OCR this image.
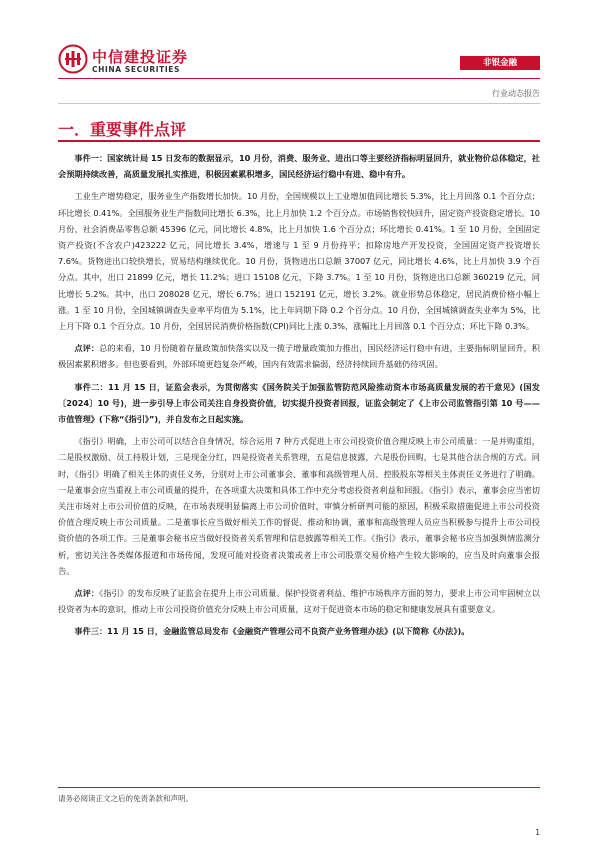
中信建投证券
CHINA SECURITIES
非银金融
行业动态报告
一．重要事件点评

事件一：国家统计局 15 日发布的数据显示，10 月份，消费、服务业、进出口等主要经济指标明显回升，就业物价总体稳定，社会预期持续改善，高质量发展扎实推进，积极因素累积增多，国民经济运行稳中有进、稳中有升。

工业生产增势稳定，服务业生产指数增长加快。10 月份，全国规模以上工业增加值同比增长 5.3%，比上月回落 0.1 个百分点；环比增长 0.41%。全国服务业生产指数同比增长 6.3%，比上月加快 1.2 个百分点。市场销售较快回升，固定资产投资稳定增长。10 月份，社会消费品零售总额 45396 亿元，同比增长 4.8%，比上月加快 1.6 个百分点；环比增长 0.41%。1 至 10 月份，全国固定资产投资(不含农户)423222 亿元，同比增长 3.4%，增速与 1 至 9 月份持平；扣除房地产开发投资，全国固定资产投资增长 7.6%。货物进出口较快增长，贸易结构继续优化。10 月份，货物进出口总额 37007 亿元，同比增长 4.6%，比上月加快 3.9 个百分点。其中，出口 21899 亿元，增长 11.2%；进口 15108 亿元，下降 3.7%。1 至 10 月份，货物进出口总额 360219 亿元，同比增长 5.2%。其中，出口 208028 亿元，增长 6.7%；进口 152191 亿元，增长 3.2%。就业形势总体稳定，居民消费价格小幅上涨。1 至 10 月份，全国城镇调查失业率平均值为 5.1%，比上年同期下降 0.2 个百分点。10 月份，全国城镇调查失业率为 5%，比上月下降 0.1 个百分点。10 月份，全国居民消费价格指数(CPI)同比上涨 0.3%，涨幅比上月回落 0.1 个百分点；环比下降 0.3%。

点评：总的来看，10 月份随着存量政策加快落实以及一揽子增量政策加力推出，国民经济运行稳中有进，主要指标明显回升，积极因素累积增多。但也要看到，外部环境更趋复杂严峻，国内有效需求偏弱，经济持续回升基础仍待巩固。

事件二：11 月 15 日，证监会表示，为贯彻落实《国务院关于加强监管防范风险推动资本市场高质量发展的若干意见》(国发〔2024〕10 号)，进一步引导上市公司关注自身投资价值，切实提升投资者回报，证监会制定了《上市公司监管指引第 10 号——市值管理》(下称“《指引》”)，并自发布之日起实施。

《指引》明确，上市公司可以结合自身情况，综合运用 7 种方式促进上市公司投资价值合理反映上市公司质量：一是并购重组，二是股权激励、员工持股计划，三是现金分红，四是投资者关系管理，五是信息披露，六是股份回购，七是其他合法合规的方式。同时，《指引》明确了相关主体的责任义务，分别对上市公司董事会、董事和高级管理人员、控股股东等相关主体责任义务进行了明确。一是董事会应当重视上市公司质量的提升，在各项重大决策和具体工作中充分考虑投资者利益和回报。《指引》表示，董事会应当密切关注市场对上市公司价值的反映，在市场表现明显偏离上市公司价值时，审慎分析研判可能的原因，积极采取措施促进上市公司投资价值合理反映上市公司质量。二是董事长应当做好相关工作的督促、推动和协调，董事和高级管理人员应当积极参与提升上市公司投资价值的各项工作。三是董事会秘书应当做好投资者关系管理和信息披露等相关工作。《指引》表示，董事会秘书应当加强舆情监测分析，密切关注各类媒体报道和市场传闻，发现可能对投资者决策或者上市公司股票交易价格产生较大影响的，应当及时向董事会报告。

点评：《指引》的发布反映了证监会在提升上市公司质量、保护投资者利益、维护市场秩序方面的努力，要求上市公司牢固树立以投资者为本的意识，推动上市公司投资价值充分反映上市公司质量，这对于促进资本市场的稳定和健康发展具有重要意义。

事件三：11 月 15 日，金融监管总局发布《金融资产管理公司不良资产业务管理办法》(以下简称《办法》)。

请务必阅读正文之后的免责条款和声明。
1
